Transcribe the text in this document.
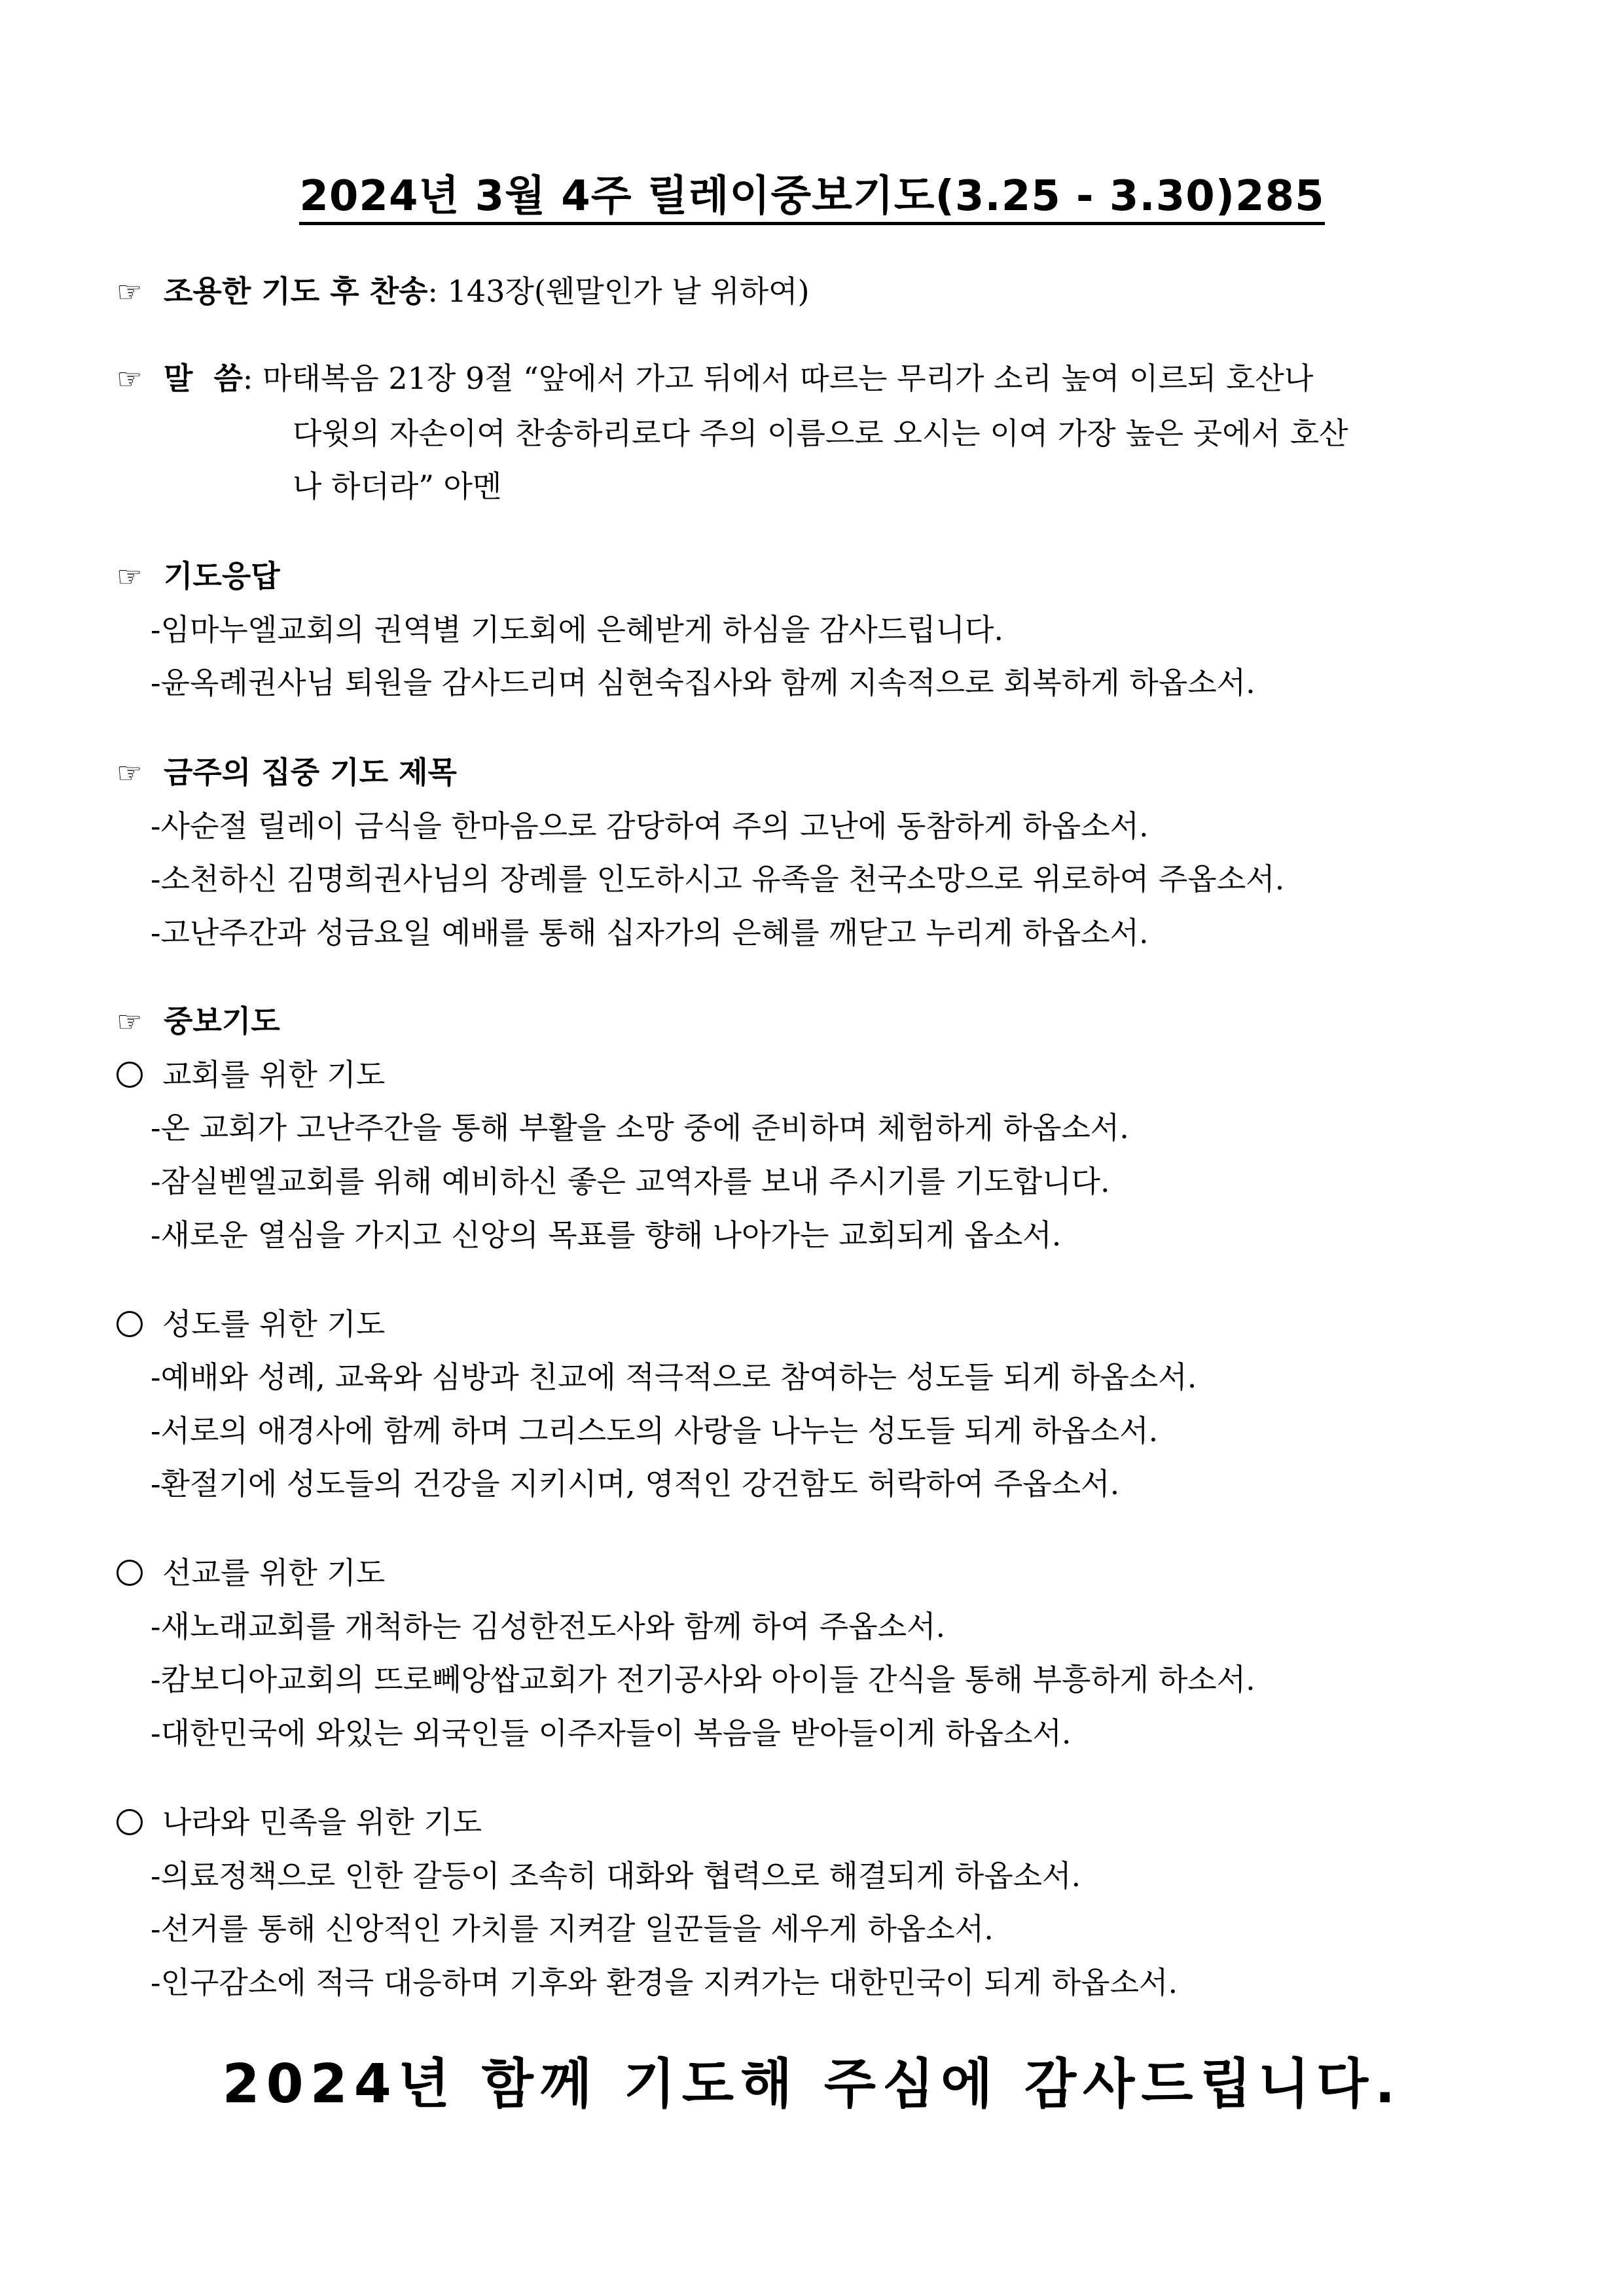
2024년 3월 4주 릴레이중보기도(3.25 - 3.30)285
☞ 조용한 기도 후 찬송: 143장(웬말인가 날 위하여)
☞ 말  씀: 마태복음 21장 9절 “앞에서 가고 뒤에서 따르는 무리가 소리 높여 이르되 호산나
다윗의 자손이여 찬송하리로다 주의 이름으로 오시는 이여 가장 높은 곳에서 호산
나 하더라” 아멘
☞ 기도응답
-임마누엘교회의 권역별 기도회에 은혜받게 하심을 감사드립니다.
-윤옥례권사님 퇴원을 감사드리며 심현숙집사와 함께 지속적으로 회복하게 하옵소서.
☞ 금주의 집중 기도 제목
-사순절 릴레이 금식을 한마음으로 감당하여 주의 고난에 동참하게 하옵소서.
-소천하신 김명희권사님의 장례를 인도하시고 유족을 천국소망으로 위로하여 주옵소서.
-고난주간과 성금요일 예배를 통해 십자가의 은혜를 깨닫고 누리게 하옵소서.
☞ 중보기도
교회를 위한 기도
-온 교회가 고난주간을 통해 부활을 소망 중에 준비하며 체험하게 하옵소서.
-잠실벧엘교회를 위해 예비하신 좋은 교역자를 보내 주시기를 기도합니다.
-새로운 열심을 가지고 신앙의 목표를 향해 나아가는 교회되게 옵소서.
성도를 위한 기도
-예배와 성례, 교육와 심방과 친교에 적극적으로 참여하는 성도들 되게 하옵소서.
-서로의 애경사에 함께 하며 그리스도의 사랑을 나누는 성도들 되게 하옵소서.
-환절기에 성도들의 건강을 지키시며, 영적인 강건함도 허락하여 주옵소서.
선교를 위한 기도
-새노래교회를 개척하는 김성한전도사와 함께 하여 주옵소서.
-캄보디아교회의 뜨로뻬앙쌉교회가 전기공사와 아이들 간식을 통해 부흥하게 하소서.
-대한민국에 와있는 외국인들 이주자들이 복음을 받아들이게 하옵소서.
나라와 민족을 위한 기도
-의료정책으로 인한 갈등이 조속히 대화와 협력으로 해결되게 하옵소서.
-선거를 통해 신앙적인 가치를 지켜갈 일꾼들을 세우게 하옵소서.
-인구감소에 적극 대응하며 기후와 환경을 지켜가는 대한민국이 되게 하옵소서.
2024년 함께 기도해 주심에 감사드립니다.
